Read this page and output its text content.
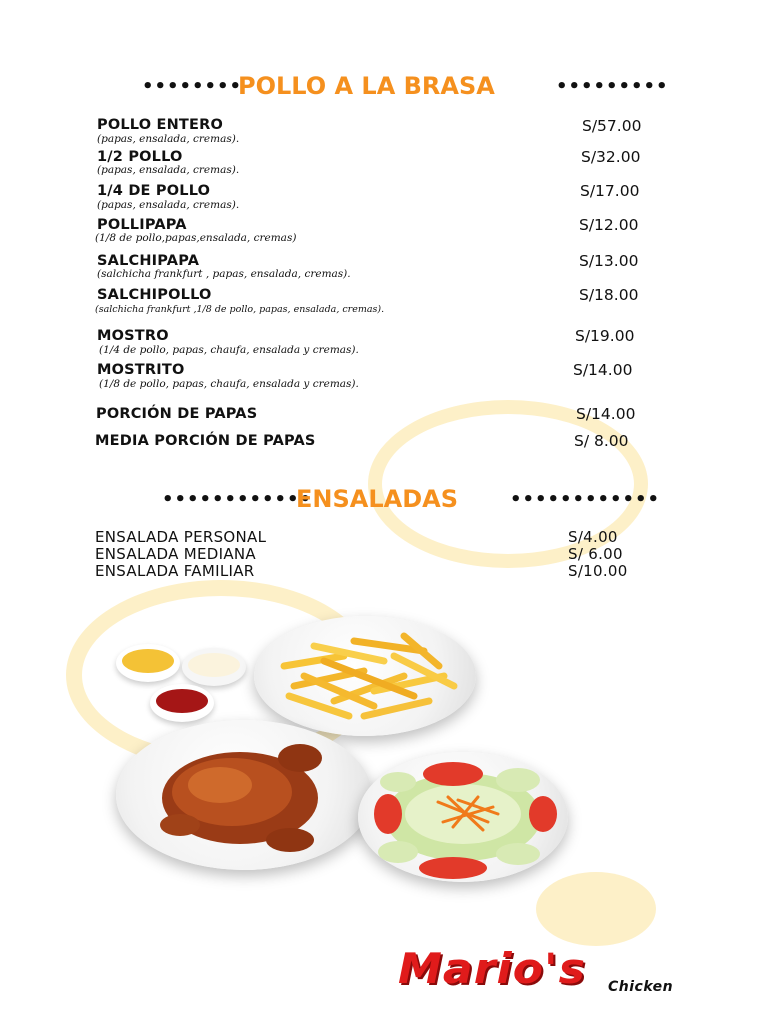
••••••••
POLLO A LA BRASA	•••••••••
POLLO ENTERO
(papas, ensalada, cremas).
S/57.00
1/2 POLLO
(papas, ensalada, cremas).
S/32.00
1/4 DE POLLO
(papas, ensalada, cremas).
S/17.00
POLLIPAPA
(1/8 de pollo,papas,ensalada, cremas)
S/12.00
SALCHIPAPA
(salchicha frankfurt , papas, ensalada, cremas).
S/13.00
SALCHIPOLLO
(salchicha frankfurt ,1/8 de pollo, papas, ensalada, cremas).
S/18.00
MOSTRO
(1/4 de pollo, papas, chaufa, ensalada y cremas).
S/19.00
MOSTRITO
(1/8 de pollo, papas, chaufa, ensalada y cremas).
S/14.00
PORCIÓN DE PAPAS	S/14.00
MEDIA PORCIÓN DE PAPAS	S/ 8.00
••••••••••••
ENSALADAS	••••••••••••
ENSALADA PERSONAL	S/4.00
ENSALADA MEDIANA	S/ 6.00
ENSALADA FAMILIAR	S/10.00
Mario's Chicken
